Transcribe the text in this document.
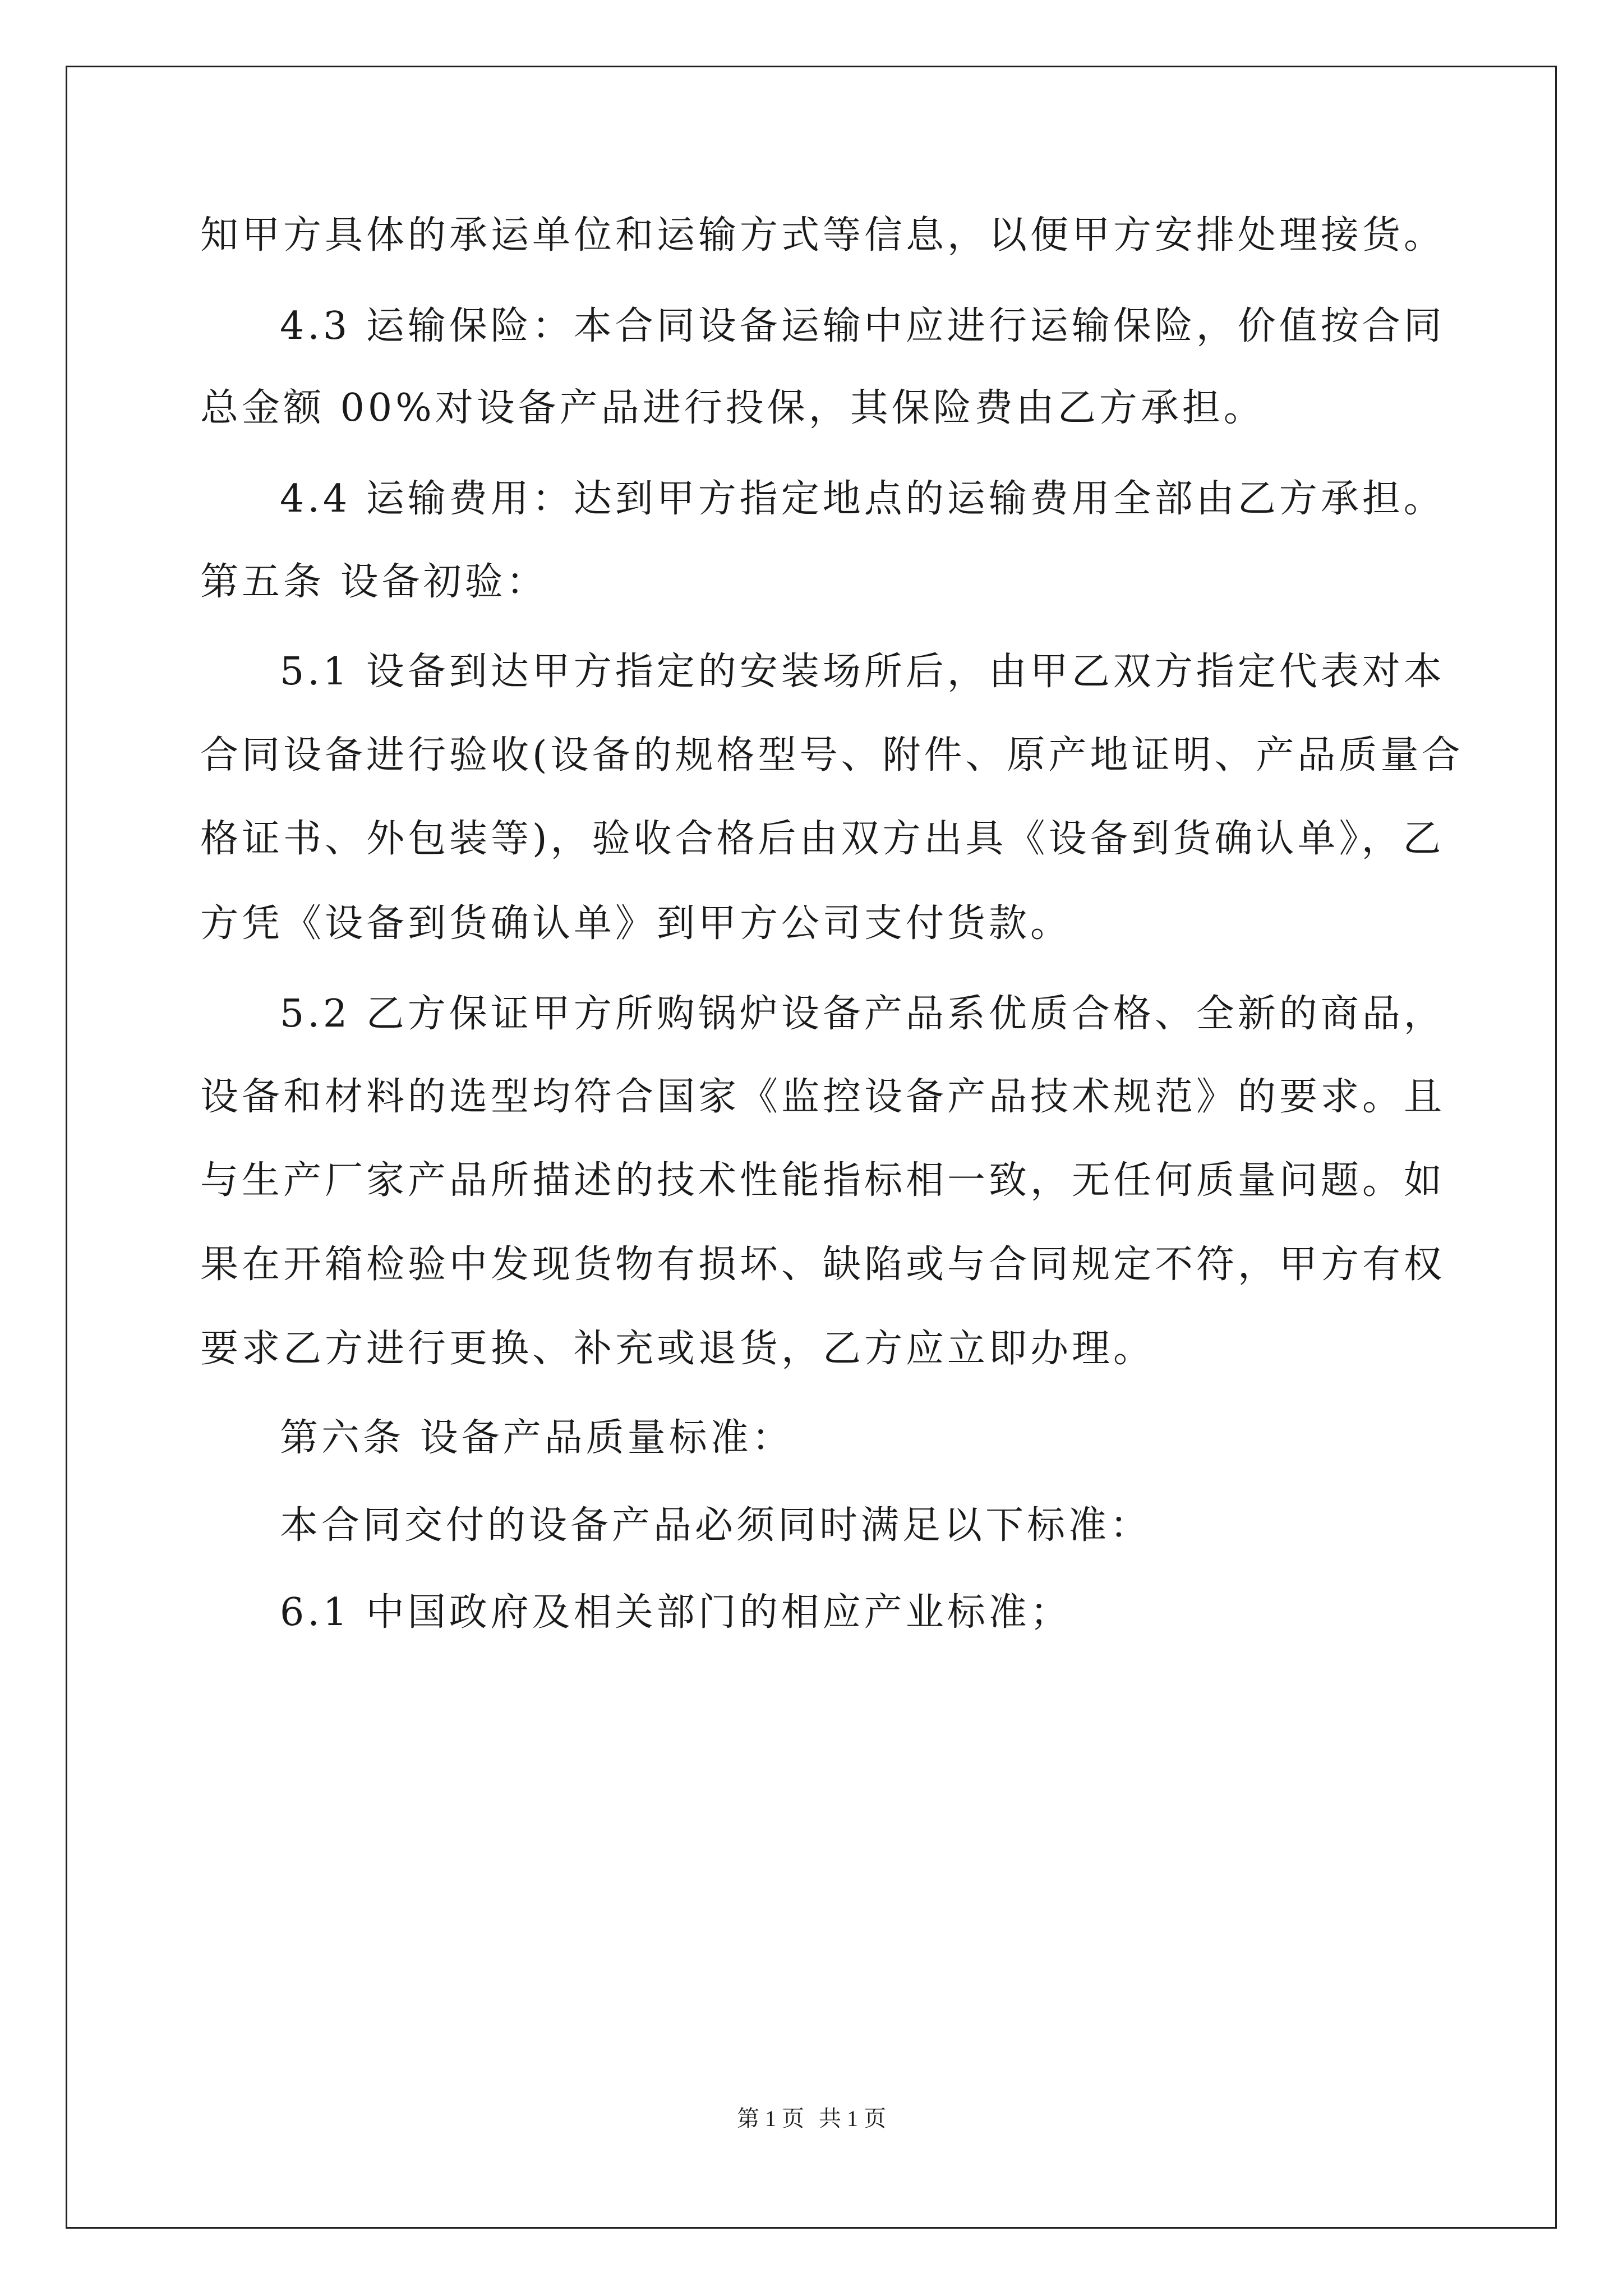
知甲方具体的承运单位和运输方式等信息，以便甲方安排处理接货。
4.3 运输保险：本合同设备运输中应进行运输保险，价值按合同
总金额 00%对设备产品进行投保，其保险费由乙方承担。
4.4 运输费用：达到甲方指定地点的运输费用全部由乙方承担。
第五条 设备初验：
5.1 设备到达甲方指定的安装场所后，由甲乙双方指定代表对本
合同设备进行验收(设备的规格型号、附件、原产地证明、产品质量合
格证书、外包装等)，验收合格后由双方出具《设备到货确认单》，乙
方凭《设备到货确认单》到甲方公司支付货款。
5.2 乙方保证甲方所购锅炉设备产品系优质合格、全新的商品，
设备和材料的选型均符合国家《监控设备产品技术规范》的要求。且
与生产厂家产品所描述的技术性能指标相一致，无任何质量问题。如
果在开箱检验中发现货物有损坏、缺陷或与合同规定不符，甲方有权
要求乙方进行更换、补充或退货，乙方应立即办理。
第六条 设备产品质量标准：
本合同交付的设备产品必须同时满足以下标准：
6.1 中国政府及相关部门的相应产业标准；
第 1 页 共 1 页
